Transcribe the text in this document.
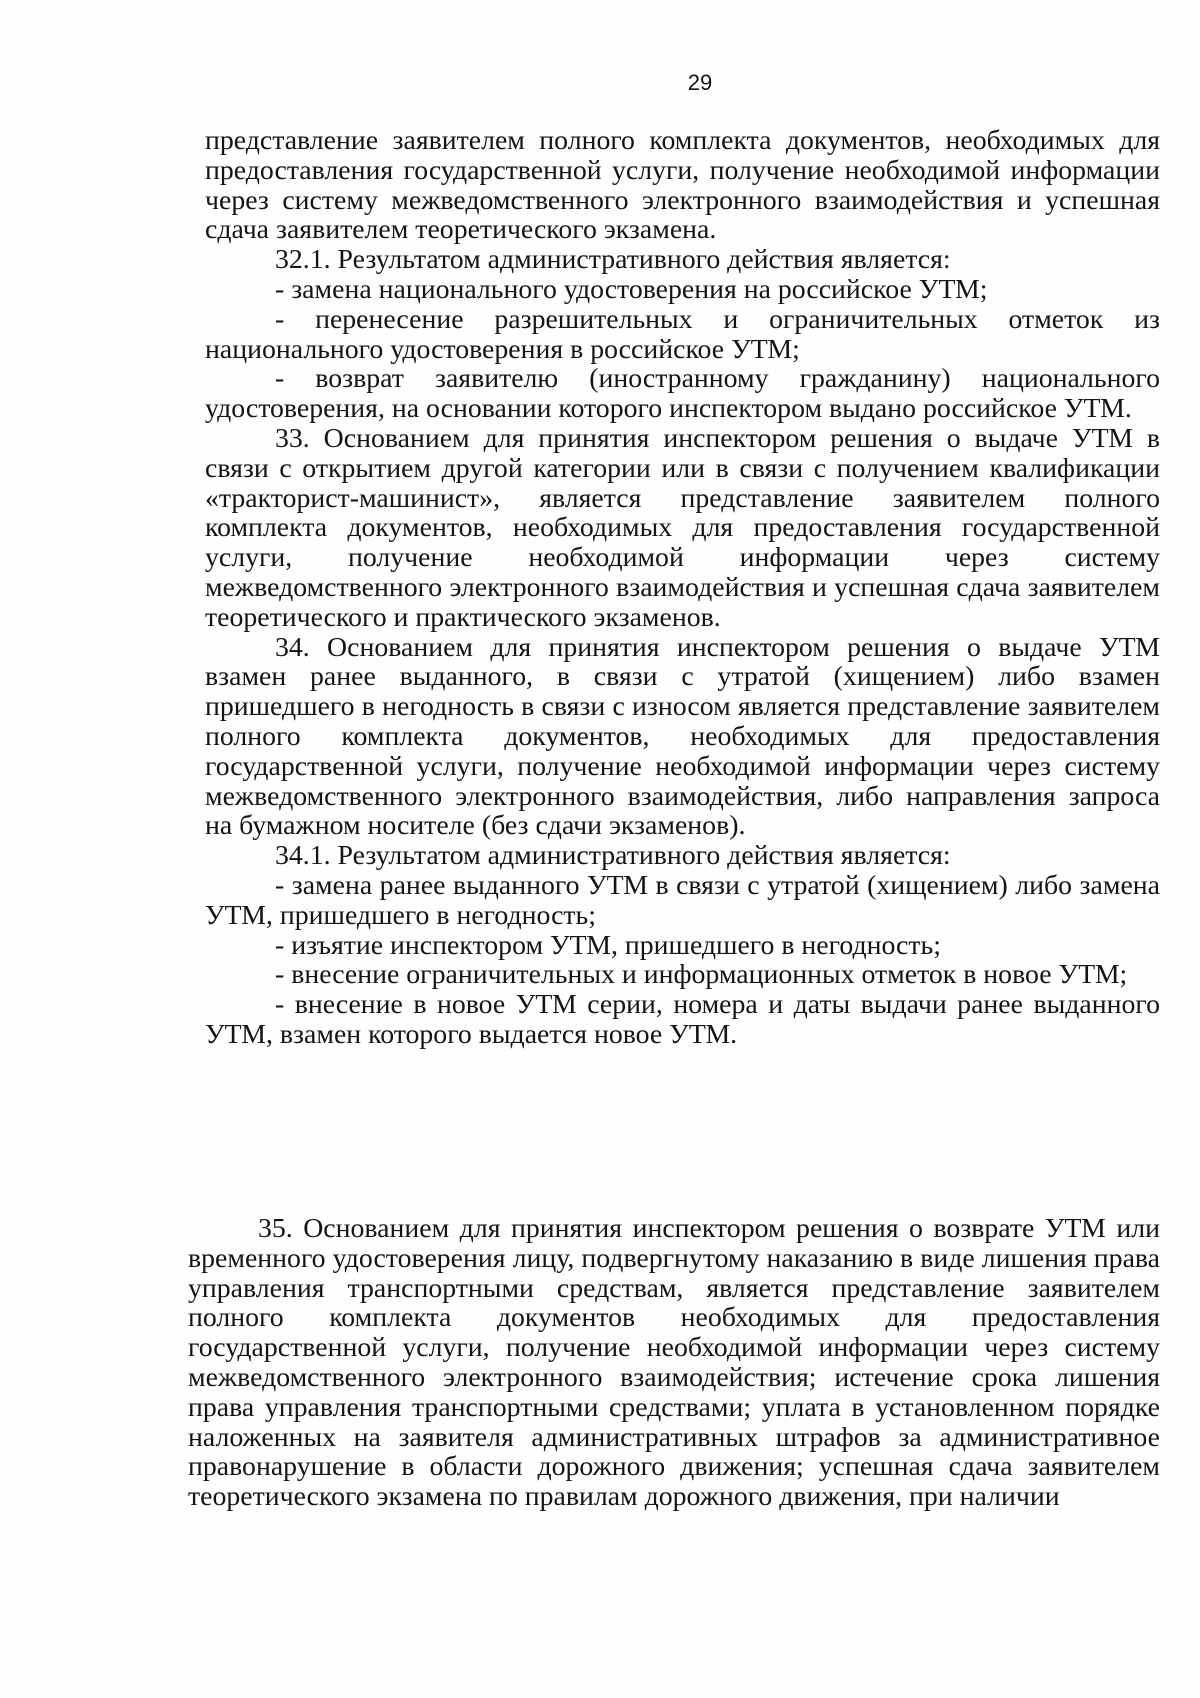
29

представление заявителем полного комплекта документов, необходимых для предоставления государственной услуги, получение необходимой информации через систему межведомственного электронного взаимодействия и успешная сдача заявителем теоретического экзамена.

32.1. Результатом административного действия является:

- замена национального удостоверения на российское УТМ;

- перенесение разрешительных и ограничительных отметок из национального удостоверения в российское УТМ;

- возврат заявителю (иностранному гражданину) национального удостоверения, на основании которого инспектором выдано российское УТМ.

33. Основанием для принятия инспектором решения о выдаче УТМ в связи с открытием другой категории или в связи с получением квалификации «тракторист-машинист», является представление заявителем полного комплекта документов, необходимых для предоставления государственной услуги, получение необходимой информации через систему межведомственного электронного взаимодействия и успешная сдача заявителем теоретического и практического экзаменов.

34. Основанием для принятия инспектором решения о выдаче УТМ взамен ранее выданного, в связи с утратой (хищением) либо взамен пришедшего в негодность в связи с износом является представление заявителем полного комплекта документов, необходимых для предоставления государственной услуги, получение необходимой информации через систему межведомственного электронного взаимодействия, либо направления запроса на бумажном носителе (без сдачи экзаменов).

34.1. Результатом административного действия является:

- замена ранее выданного УТМ в связи с утратой (хищением) либо замена УТМ, пришедшего в негодность;

- изъятие инспектором УТМ, пришедшего в негодность;

- внесение ограничительных и информационных отметок в новое УТМ;

- внесение в новое УТМ серии, номера и даты выдачи ранее выданного УТМ, взамен которого выдается новое УТМ.

35. Основанием для принятия инспектором решения о возврате УТМ или временного удостоверения лицу, подвергнутому наказанию в виде лишения права управления транспортными средствам, является представление заявителем полного комплекта документов необходимых для предоставления государственной услуги, получение необходимой информации через систему межведомственного электронного взаимодействия; истечение срока лишения права управления транспортными средствами; уплата в установленном порядке наложенных на заявителя административных штрафов за административное правонарушение в области дорожного движения; успешная сдача заявителем теоретического экзамена по правилам дорожного движения, при наличии
